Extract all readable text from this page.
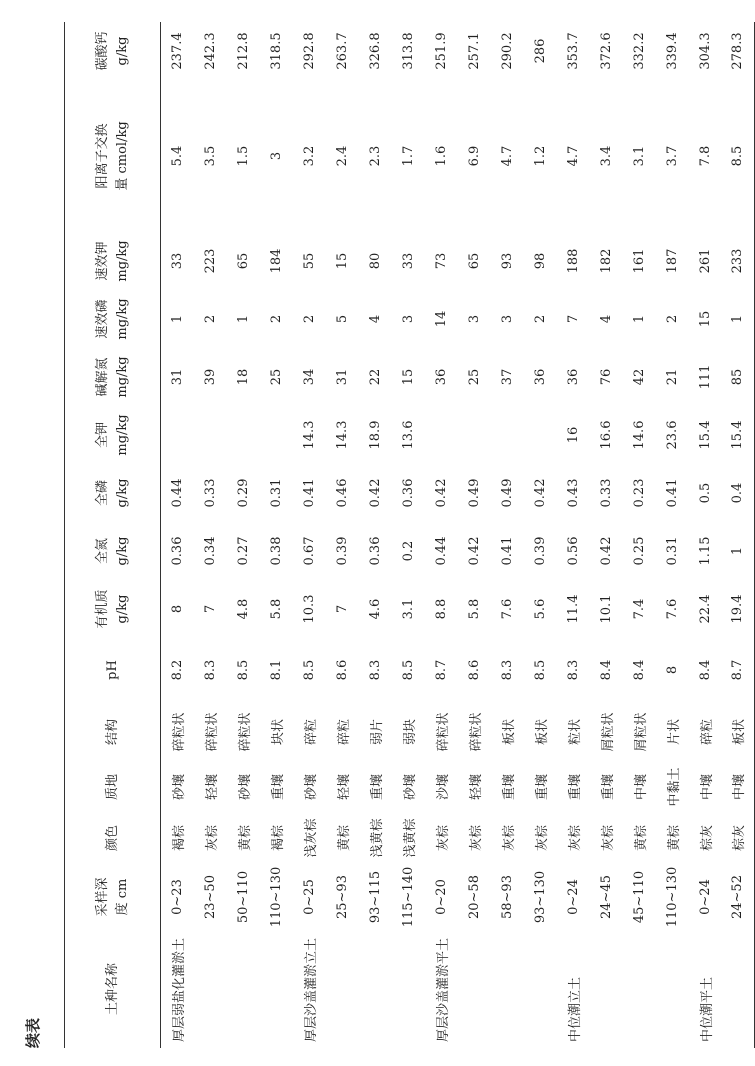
续表
土种名称	采样深 度 cm	颜色	质地	结构	pH	有机质 g/kg	全氮 g/kg	全磷 g/kg	全钾 mg/kg	碱解氮 mg/kg	速效磷 mg/kg	速效钾 mg/kg	阳离子交换 量 cmol/kg	碳酸钙 g/kg
厚层弱盐化灌淤土	0~23	褐棕	砂壤	碎粒状	8.2	8	0.36	0.44		31	1	33	5.4	237.4
	23~50	灰棕	轻壤	碎粒状	8.3	7	0.34	0.33		39	2	223	3.5	242.3
	50~110	黄棕	砂壤	碎粒状	8.5	4.8	0.27	0.29		18	1	65	1.5	212.8
	110~130	褐棕	重壤	块状	8.1	5.8	0.38	0.31		25	2	184	3	318.5
厚层沙盖灌淤立土	0~25	浅灰棕	砂壤	碎粒	8.5	10.3	0.67	0.41	14.3	34	2	55	3.2	292.8
	25~93	黄棕	轻壤	碎粒	8.6	7	0.39	0.46	14.3	31	5	15	2.4	263.7
	93~115	浅黄棕	重壤	弱片	8.3	4.6	0.36	0.42	18.9	22	4	80	2.3	326.8
	115~140	浅黄棕	砂壤	弱块	8.5	3.1	0.2	0.36	13.6	15	3	33	1.7	313.8
厚层沙盖灌淤平土	0~20	灰棕	沙壤	碎粒状	8.7	8.8	0.44	0.42		36	14	73	1.6	251.9
	20~58	灰棕	轻壤	碎粒状	8.6	5.8	0.42	0.49		25	3	65	6.9	257.1
	58~93	灰棕	重壤	板状	8.3	7.6	0.41	0.49		37	3	93	4.7	290.2
	93~130	灰棕	重壤	板状	8.5	5.6	0.39	0.42		36	2	98	1.2	286
中位潮立土	0~24	灰棕	重壤	粒状	8.3	11.4	0.56	0.43	16	36	7	188	4.7	353.7
	24~45	灰棕	重壤	屑粒状	8.4	10.1	0.42	0.33	16.6	76	4	182	3.4	372.6
	45~110	黄棕	中壤	屑粒状	8.4	7.4	0.25	0.23	14.6	42	1	161	3.1	332.2
	110~130	黄棕	中黏土	片状	8	7.6	0.31	0.41	23.6	21	2	187	3.7	339.4
中位潮平土	0~24	棕灰	中壤	碎粒	8.4	22.4	1.15	0.5	15.4	111	15	261	7.8	304.3
	24~52	棕灰	中壤	板状	8.7	19.4	1	0.4	15.4	85	1	233	8.5	278.3
